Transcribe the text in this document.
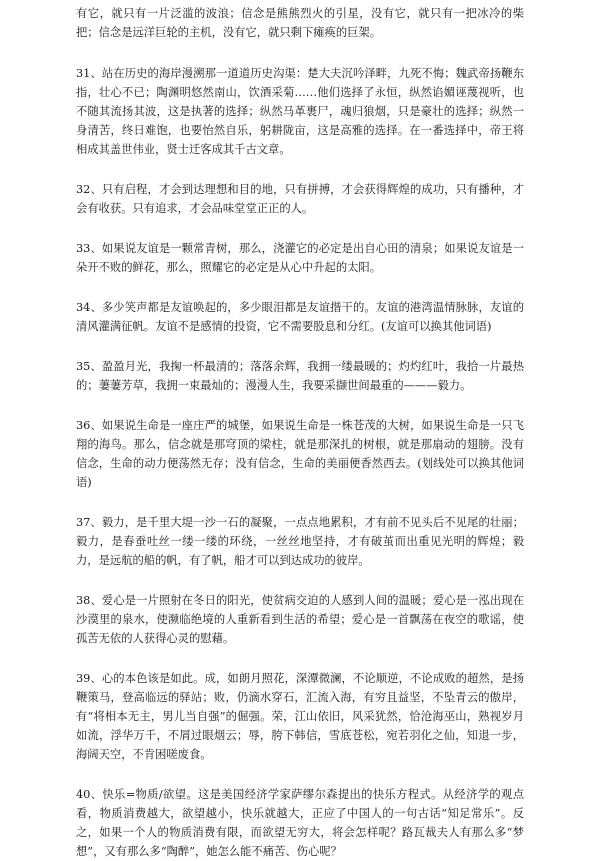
有它，就只有一片泛滥的波浪；信念是熊熊烈火的引星，没有它，就只有一把冰冷的柴把；信念是远洋巨轮的主机，没有它，就只剩下瘫痪的巨架。

31、站在历史的海岸漫溯那一道道历史沟渠：楚大夫沉吟泽畔，九死不悔；魏武帝扬鞭东指，壮心不已；陶渊明悠然南山，饮酒采菊……他们选择了永恒，纵然谄媚诬蔑视听，也不随其流扬其波，这是执著的选择；纵然马革裹尸，魂归狼烟，只是豪壮的选择；纵然一身清苦，终日难饱，也要怡然自乐，躬耕陇亩，这是高雅的选择。在一番选择中，帝王将相成其盖世伟业，贤士迁客成其千古文章。

32、只有启程，才会到达理想和目的地，只有拼搏，才会获得辉煌的成功，只有播种，才会有收获。只有追求，才会品味堂堂正正的人。

33、如果说友谊是一颗常青树，那么，浇灌它的必定是出自心田的清泉；如果说友谊是一朵开不败的鲜花，那么，照耀它的必定是从心中升起的太阳。

34、多少笑声都是友谊唤起的，多少眼泪都是友谊揩干的。友谊的港湾温情脉脉，友谊的清风灌满征帆。友谊不是感情的投资，它不需要股息和分红。(友谊可以换其他词语)

35、盈盈月光，我掬一杯最清的；落落余辉，我拥一缕最暖的；灼灼红叶，我拾一片最热的；萋萋芳草，我拥一束最灿的；漫漫人生，我要采撷世间最重的———毅力。

36、如果说生命是一座庄严的城堡，如果说生命是一株苍茂的大树，如果说生命是一只飞翔的海鸟。那么，信念就是那穹顶的梁柱，就是那深扎的树根，就是那扇动的翅膀。没有信念，生命的动力便荡然无存；没有信念，生命的美丽便香然西去。(划线处可以换其他词语)

37、毅力，是千里大堤一沙一石的凝聚，一点点地累积，才有前不见头后不见尾的壮丽；毅力，是春蚕吐丝一缕一缕的环绕，一丝丝地坚持，才有破茧而出重见光明的辉煌；毅力，是远航的船的帆，有了帆，船才可以到达成功的彼岸。

38、爱心是一片照射在冬日的阳光，使贫病交迫的人感到人间的温暖；爱心是一泓出现在沙漠里的泉水，使濒临绝境的人重新看到生活的希望；爱心是一首飘荡在夜空的歌谣，使孤苦无依的人获得心灵的慰藉。

39、心的本色该是如此。成，如朗月照花，深潭微澜，不论顺逆，不论成败的超然，是扬鞭策马，登高临远的驿站；败，仍滴水穿石，汇流入海，有穷且益坚，不坠青云的傲岸，有“将相本无主，男儿当自强”的倔强。荣，江山依旧，风采犹然，恰沧海巫山，熟视岁月如流，浮华万千，不屑过眼烟云；辱，胯下韩信，雪底苍松，宛若羽化之仙，知退一步，海阔天空，不肯困嗟废食。

40、快乐=物质/欲望。这是美国经济学家萨缪尔森提出的快乐方程式。从经济学的观点看，物质消费越大，欲望越小，快乐就越大，正应了中国人的一句古话“知足常乐”。反之，如果一个人的物质消费有限，而欲望无穷大，将会怎样呢？路瓦裁夫人有那么多“梦想”，又有那么多“陶醉”，她怎么能不痛苦、伤心呢？
